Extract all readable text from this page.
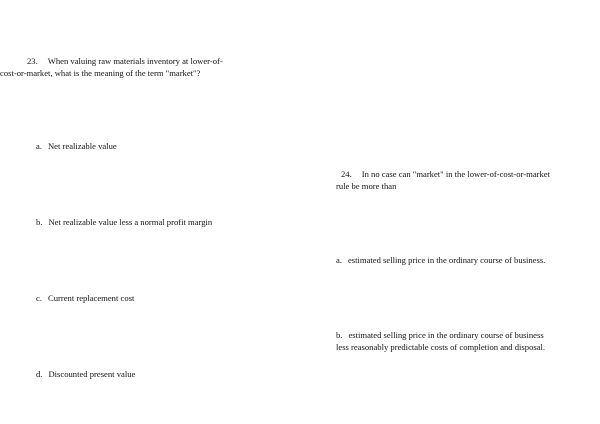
23. When valuing raw materials inventory at lower-of-
cost-or-market, what is the meaning of the term "market"?
a. Net realizable value
b. Net realizable value less a normal profit margin
c. Current replacement cost
d. Discounted present value
24. In no case can "market" in the lower-of-cost-or-market
rule be more than
a. estimated selling price in the ordinary course of business.
b. estimated selling price in the ordinary course of business
less reasonably predictable costs of completion and disposal.
